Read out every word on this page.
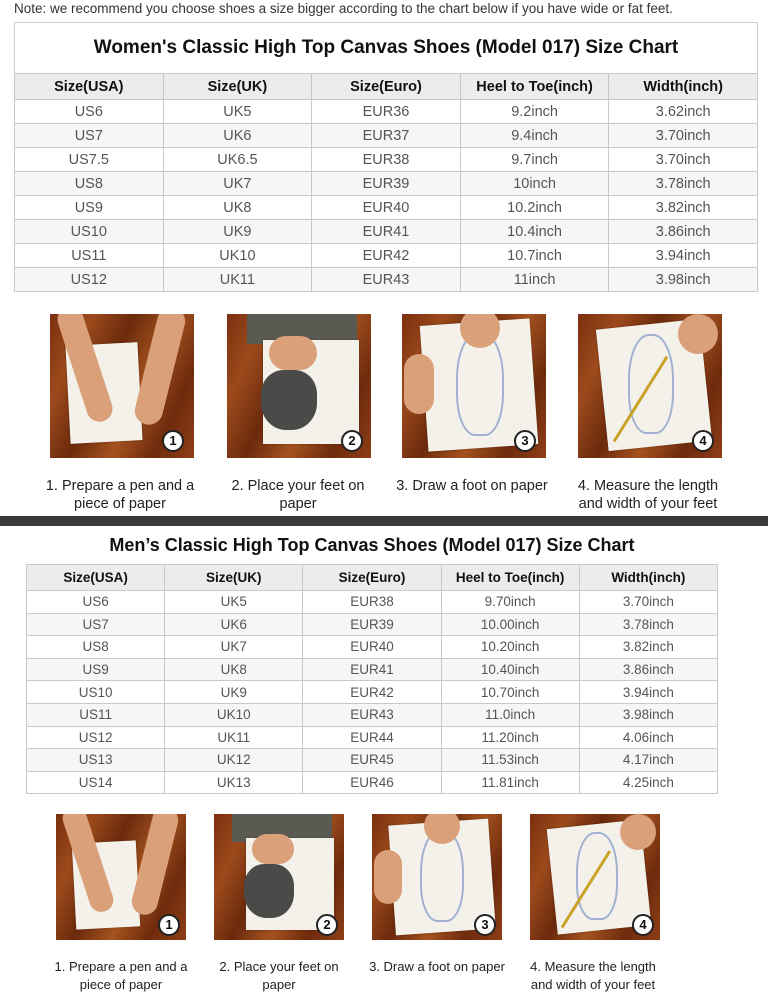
Note: we recommend you choose shoes a size bigger according to the chart below if you have wide or fat feet.
Women's Classic High Top Canvas Shoes (Model 017) Size Chart
Size(USA)	Size(UK)	Size(Euro)	Heel to Toe(inch)	Width(inch)
US6	UK5	EUR36	9.2inch	3.62inch
US7	UK6	EUR37	9.4inch	3.70inch
US7.5	UK6.5	EUR38	9.7inch	3.70inch
US8	UK7	EUR39	10inch	3.78inch
US9	UK8	EUR40	10.2inch	3.82inch
US10	UK9	EUR41	10.4inch	3.86inch
US11	UK10	EUR42	10.7inch	3.94inch
US12	UK11	EUR43	11inch	3.98inch
1	2	3	4
1. Prepare a pen and a piece of paper
2. Place your feet on paper
3. Draw a foot on paper	4. Measure the length and width of your feet
Men’s Classic High Top Canvas Shoes (Model 017) Size Chart
Size(USA)	Size(UK)	Size(Euro)	Heel to Toe(inch)	Width(inch)
US6	UK5	EUR38	9.70inch	3.70inch
US7	UK6	EUR39	10.00inch	3.78inch
US8	UK7	EUR40	10.20inch	3.82inch
US9	UK8	EUR41	10.40inch	3.86inch
US10	UK9	EUR42	10.70inch	3.94inch
US11	UK10	EUR43	11.0inch	3.98inch
US12	UK11	EUR44	11.20inch	4.06inch
US13	UK12	EUR45	11.53inch	4.17inch
US14	UK13	EUR46	11.81inch	4.25inch
1	2	3	4
1. Prepare a pen and a piece of paper
2. Place your feet on paper
3. Draw a foot on paper	4. Measure the length and width of your feet
